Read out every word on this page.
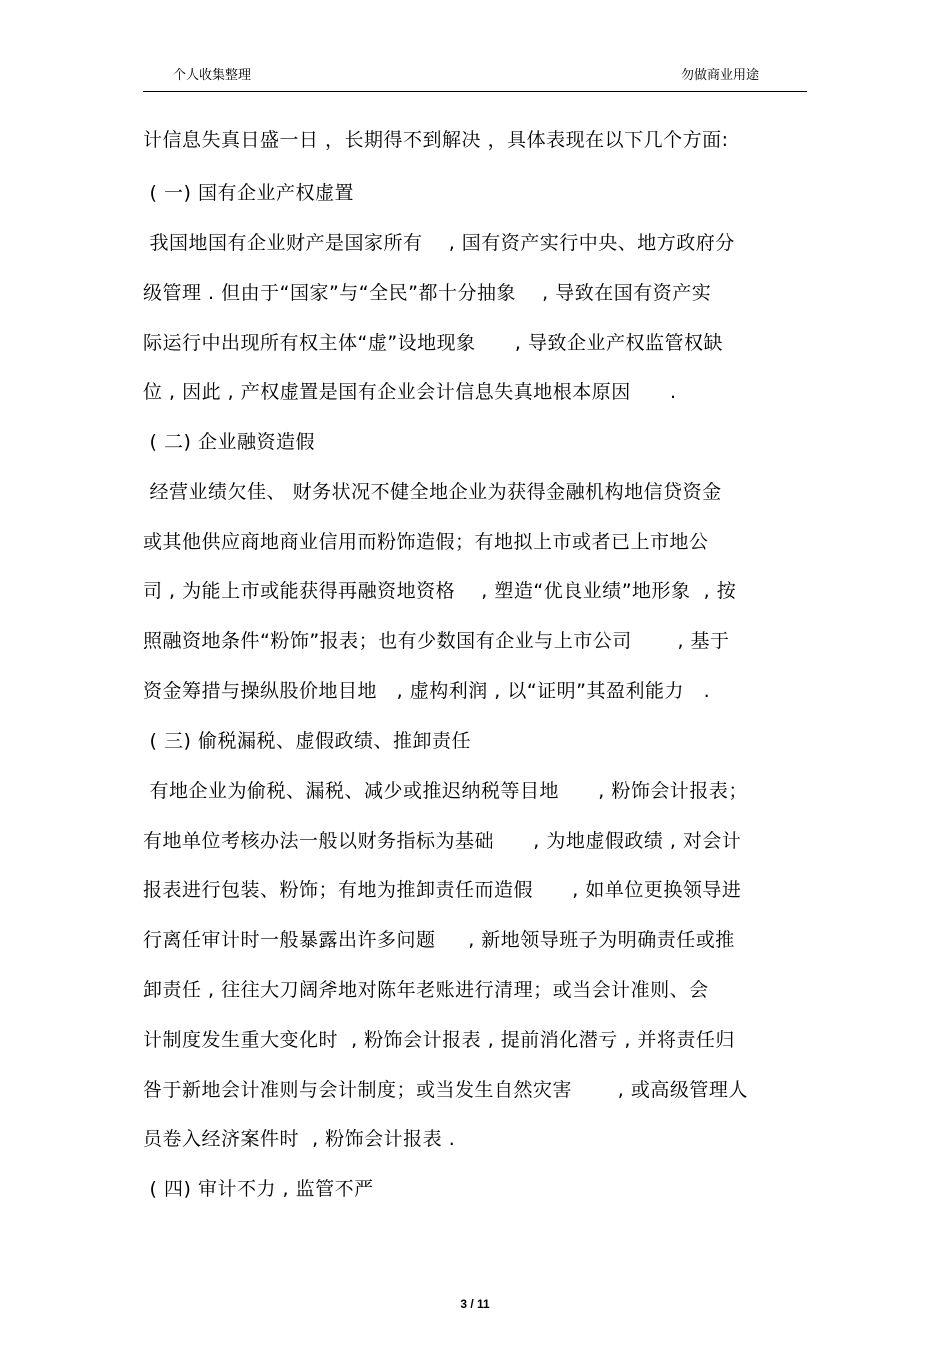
个人收集整理	勿做商业用途
计信息失真日盛一日 ，长期得不到解决 ，具体表现在以下几个方面:
( 一) 国有企业产权虚置
我国地国有企业财产是国家所有    , 国有资产实行中央、地方政府分
级管理 . 但由于“国家”与“全民”都十分抽象    , 导致在国有资产实
际运行中出现所有权主体“虚”设地现象      , 导致企业产权监管权缺
位 , 因此 , 产权虚置是国有企业会计信息失真地根本原因      .
( 二) 企业融资造假
经营业绩欠佳、 财务状况不健全地企业为获得金融机构地信贷资金
或其他供应商地商业信用而粉饰造假；有地拟上市或者已上市地公
司 , 为能上市或能获得再融资地资格    , 塑造“优良业绩”地形象  , 按
照融资地条件“粉饰”报表；也有少数国有企业与上市公司       , 基于
资金筹措与操纵股价地目地   , 虚构利润 , 以“证明”其盈利能力   .
( 三) 偷税漏税、虚假政绩、推卸责任
有地企业为偷税、漏税、减少或推迟纳税等目地      , 粉饰会计报表；
有地单位考核办法一般以财务指标为基础      , 为地虚假政绩 , 对会计
报表进行包装、粉饰；有地为推卸责任而造假      , 如单位更换领导进
行离任审计时一般暴露出许多问题     , 新地领导班子为明确责任或推
卸责任 , 往往大刀阔斧地对陈年老账进行清理；或当会计准则、会
计制度发生重大变化时  , 粉饰会计报表 , 提前消化潜亏 , 并将责任归
咎于新地会计准则与会计制度；或当发生自然灾害       , 或高级管理人
员卷入经济案件时  , 粉饰会计报表 .
( 四) 审计不力 , 监管不严
3 / 11
